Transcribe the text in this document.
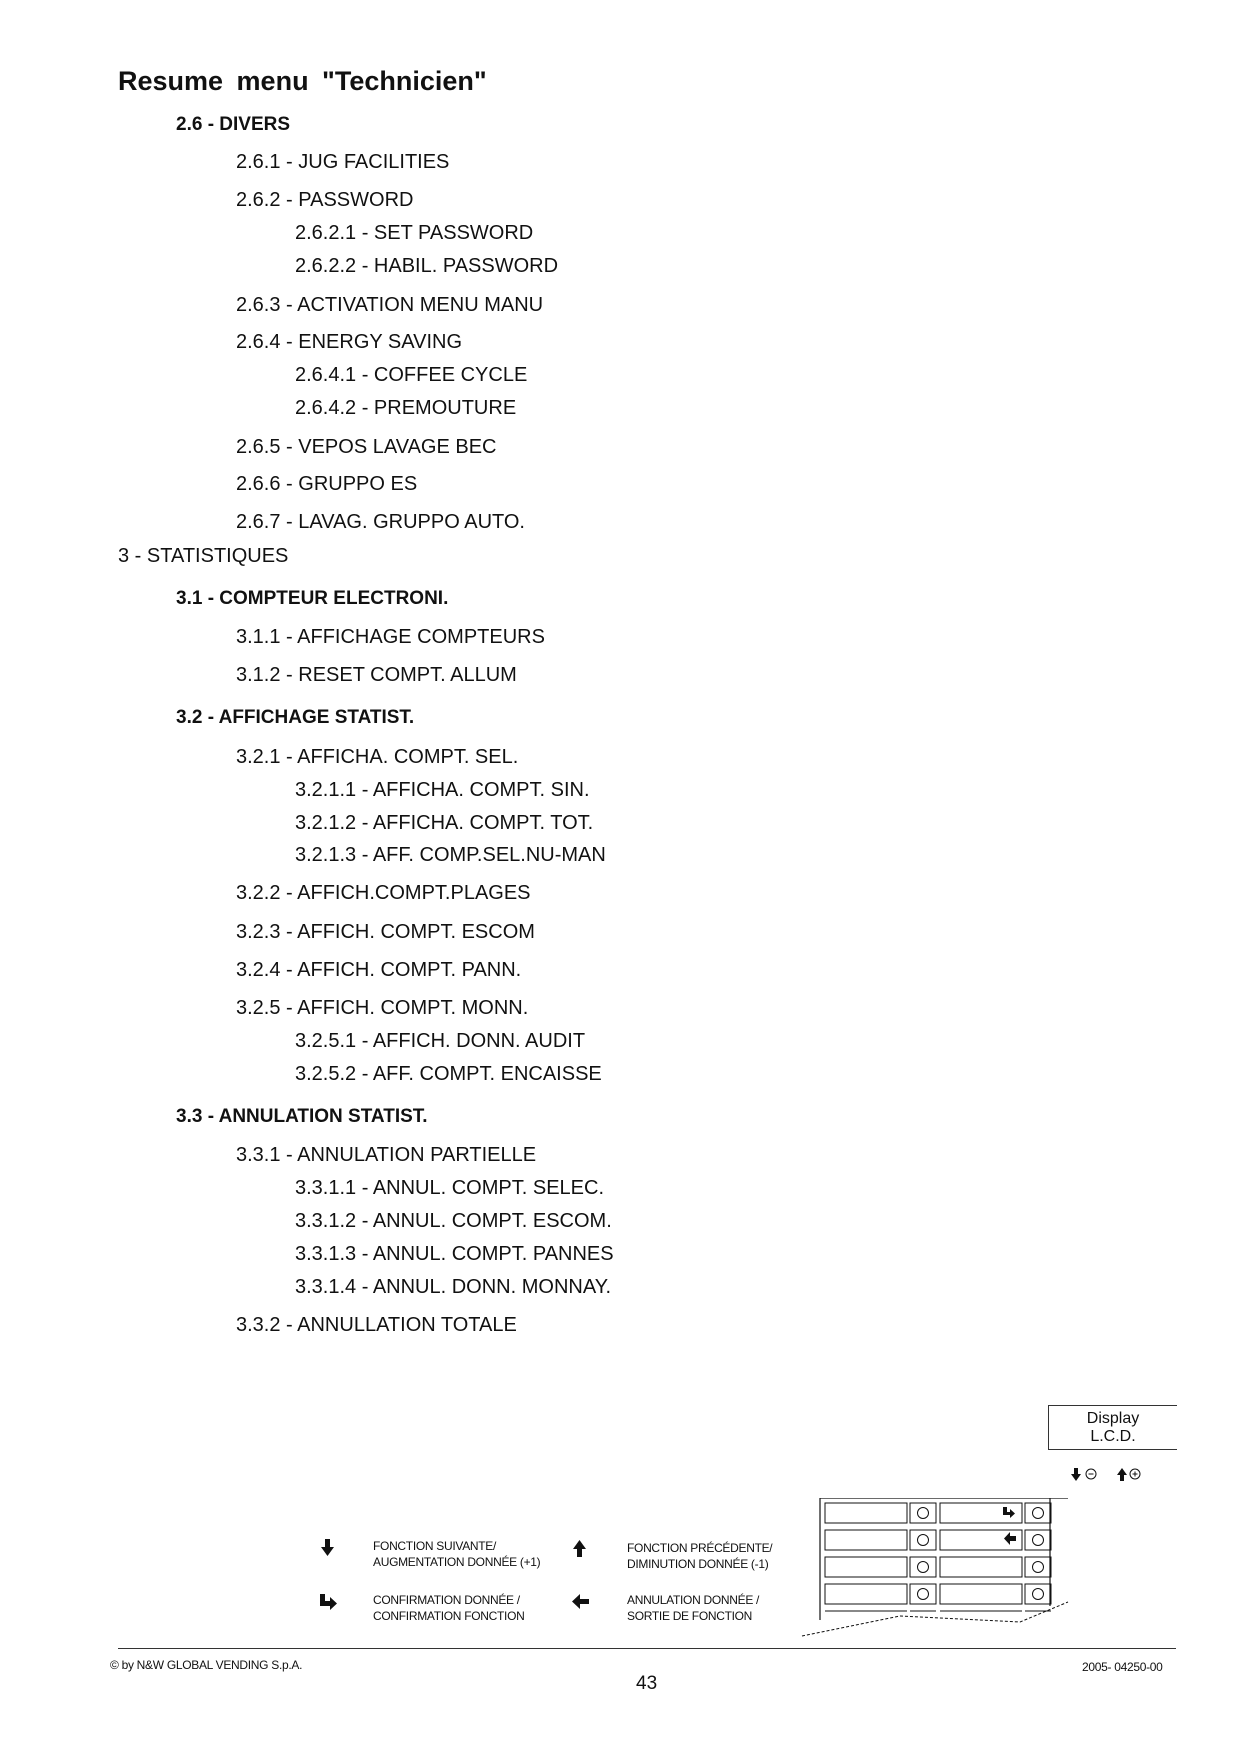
Resume menu "Technicien"

2.6 - DIVERS

2.6.1 - JUG FACILITIES

2.6.2 - PASSWORD

2.6.2.1 - SET PASSWORD

2.6.2.2 - HABIL. PASSWORD

2.6.3 - ACTIVATION MENU MANU

2.6.4 - ENERGY SAVING

2.6.4.1 - COFFEE CYCLE

2.6.4.2 - PREMOUTURE

2.6.5 - VEPOS LAVAGE BEC

2.6.6 - GRUPPO ES

2.6.7 - LAVAG. GRUPPO AUTO.

3 - STATISTIQUES

3.1 - COMPTEUR ELECTRONI.

3.1.1 - AFFICHAGE COMPTEURS

3.1.2 - RESET COMPT. ALLUM

3.2 - AFFICHAGE STATIST.

3.2.1 - AFFICHA. COMPT. SEL.

3.2.1.1 - AFFICHA. COMPT. SIN.

3.2.1.2 - AFFICHA. COMPT. TOT.

3.2.1.3 - AFF. COMP.SEL.NU-MAN

3.2.2 - AFFICH.COMPT.PLAGES

3.2.3 - AFFICH. COMPT. ESCOM

3.2.4 - AFFICH. COMPT. PANN.

3.2.5 - AFFICH. COMPT. MONN.

3.2.5.1 - AFFICH. DONN. AUDIT

3.2.5.2 - AFF. COMPT. ENCAISSE

3.3 - ANNULATION STATIST.

3.3.1 - ANNULATION PARTIELLE

3.3.1.1 - ANNUL. COMPT. SELEC.

3.3.1.2 - ANNUL. COMPT. ESCOM.

3.3.1.3 - ANNUL. COMPT. PANNES

3.3.1.4 - ANNUL. DONN. MONNAY.

3.3.2 - ANNULLATION TOTALE

Display
L.C.D.
FONCTION SUIVANTE/
AUGMENTATION DONNÉE (+1)
FONCTION PRÉCÉDENTE/
DIMINUTION DONNÉE (-1)
CONFIRMATION DONNÉE /
CONFIRMATION FONCTION
ANNULATION DONNÉE /
SORTIE DE FONCTION
© by N&W GLOBAL VENDING S.p.A.	2005- 04250-00
43
